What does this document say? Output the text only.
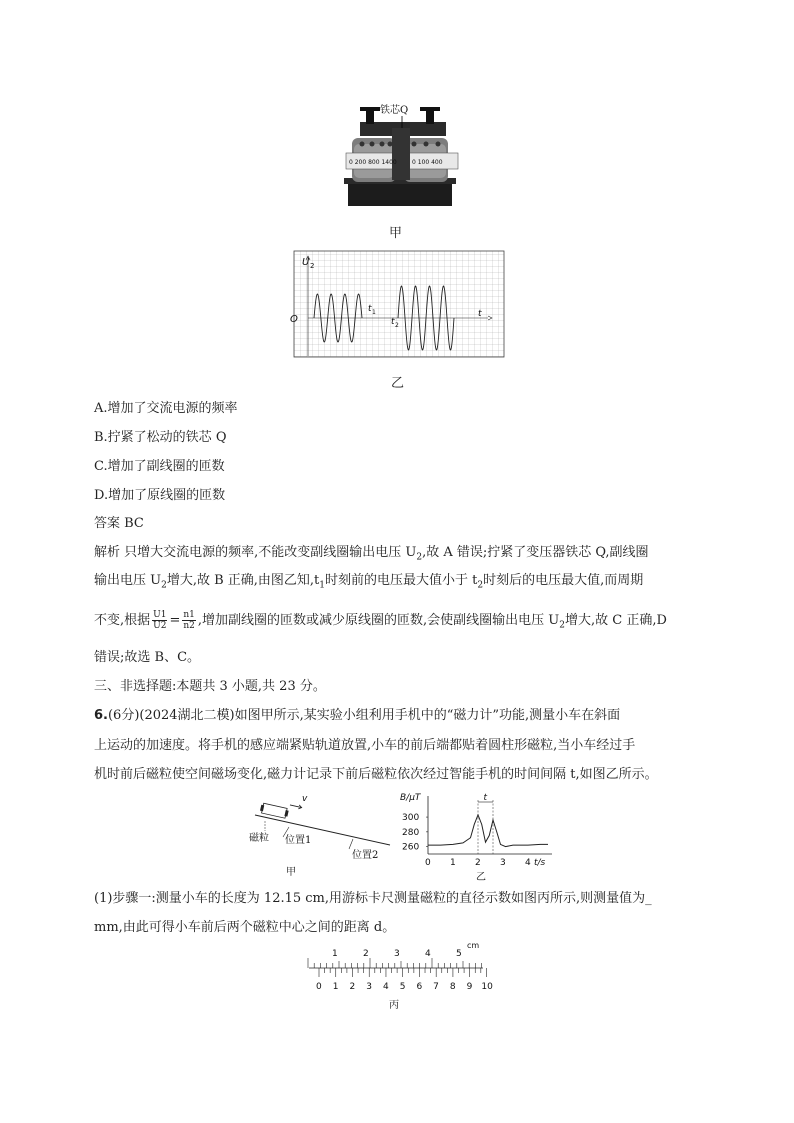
铁芯Q
0 200 800 1400	0 100 400
甲
U 2
O
t 1
t 2
t
乙
A.增加了交流电源的频率
B.拧紧了松动的铁芯 Q
C.增加了副线圈的匝数
D.增加了原线圈的匝数
答案 BC
解析 只增大交流电源的频率,不能改变副线圈输出电压 $U_2$,故 A 错误;拧紧了变压器铁芯 Q,副线圈
输出电压 $U_2$增大,故 B 正确,由图乙知$,t_1$时刻前的电压最大值小于 $t_2$时刻后的电压最大值,而周期
不变,根据 $\frac{U1}{U2} = \frac{n1}{n2}$ ,增加副线圈的匝数或减少原线圈的匝数,会使副线圈输出电压 $U_2$增大,故 C 正确,D
错误;故选 B、C。
三、非选择题:本题共 3 小题,共 23 分。
6.(6分)(2024湖北二模)如图甲所示,某实验小组利用手机中的“磁力计”功能,测量小车在斜面
上运动的加速度。将手机的感应端紧贴轨道放置,小车的前后端都贴着圆柱形磁粒,当小车经过手
机时前后磁粒使空间磁场变化,磁力计记录下前后磁粒依次经过智能手机的时间间隔 t,如图乙所示。
v
磁粒 位置1
位置2
甲
B/μT
t/s
0 1 2 3 4
260
280
300
t
乙
(1)步骤一:测量小车的长度为 12.15 cm,用游标卡尺测量磁粒的直径示数如图丙所示,则测量值为_
mm,由此可得小车前后两个磁粒中心之间的距离 d。
1	2	3	4	5
cm
0 1 2 3 4 5 6 7 8 9 10
丙
